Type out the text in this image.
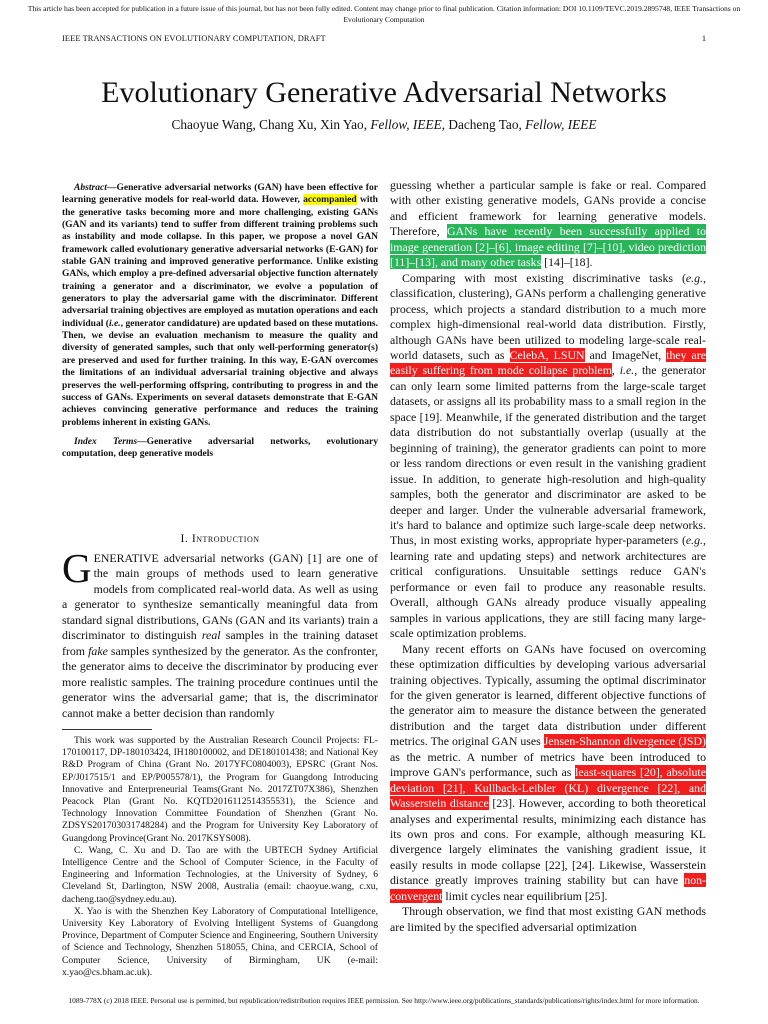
This article has been accepted for publication in a future issue of this journal, but has not been fully edited. Content may change prior to final publication. Citation information: DOI 10.1109/TEVC.2019.2895748, IEEE Transactions on Evolutionary Computation
IEEE TRANSACTIONS ON EVOLUTIONARY COMPUTATION, DRAFT	1
Evolutionary Generative Adversarial Networks
Chaoyue Wang, Chang Xu, Xin Yao, Fellow, IEEE, Dacheng Tao, Fellow, IEEE
Abstract—Generative adversarial networks (GAN) have been effective for learning generative models for real-world data. However, accompanied with the generative tasks becoming more and more challenging, existing GANs (GAN and its variants) tend to suffer from different training problems such as instability and mode collapse. In this paper, we propose a novel GAN framework called evolutionary generative adversarial networks (E-GAN) for stable GAN training and improved generative performance. Unlike existing GANs, which employ a pre-defined adversarial objective function alternately training a generator and a discriminator, we evolve a population of generators to play the adversarial game with the discriminator. Different adversarial training objectives are employed as mutation operations and each individual (i.e., generator candidature) are updated based on these mutations. Then, we devise an evaluation mechanism to measure the quality and diversity of generated samples, such that only well-performing generator(s) are preserved and used for further training. In this way, E-GAN overcomes the limitations of an individual adversarial training objective and always preserves the well-performing offspring, contributing to progress in and the success of GANs. Experiments on several datasets demonstrate that E-GAN achieves convincing generative performance and reduces the training problems inherent in existing GANs.
Index Terms—Generative adversarial networks, evolutionary computation, deep generative models
I. Introduction

GENERATIVE adversarial networks (GAN) [1] are one of the main groups of methods used to learn generative models from complicated real-world data. As well as using a generator to synthesize semantically meaningful data from standard signal distributions, GANs (GAN and its variants) train a discriminator to distinguish real samples in the training dataset from fake samples synthesized by the generator. As the confronter, the generator aims to deceive the discriminator by producing ever more realistic samples. The training procedure continues until the generator wins the adversarial game; that is, the discriminator cannot make a better decision than randomly

This work was supported by the Australian Research Council Projects: FL-170100117, DP-180103424, IH180100002, and DE180101438; and National Key R&D Program of China (Grant No. 2017YFC0804003), EPSRC (Grant Nos. EP/J017515/1 and EP/P005578/1), the Program for Guangdong Introducing Innovative and Enterpreneurial Teams(Grant No. 2017ZT07X386), Shenzhen Peacock Plan (Grant No. KQTD2016112514355531), the Science and Technology Innovation Committee Foundation of Shenzhen (Grant No. ZDSYS201703031748284) and the Program for University Key Laboratory of Guangdong Province(Grant No. 2017KSYS008).

C. Wang, C. Xu and D. Tao are with the UBTECH Sydney Artificial Intelligence Centre and the School of Computer Science, in the Faculty of Engineering and Information Technologies, at the University of Sydney, 6 Cleveland St, Darlington, NSW 2008, Australia (email: chaoyue.wang, c.xu, dacheng.tao@sydney.edu.au).

X. Yao is with the Shenzhen Key Laboratory of Computational Intelligence, University Key Laboratory of Evolving Intelligent Systems of Guangdong Province, Department of Computer Science and Engineering, Southern University of Science and Technology, Shenzhen 518055, China, and CERCIA, School of Computer Science, University of Birmingham, UK (e-mail: x.yao@cs.bham.ac.uk).

guessing whether a particular sample is fake or real. Compared with other existing generative models, GANs provide a concise and efficient framework for learning generative models. Therefore, GANs have recently been successfully applied to image generation [2]–[6], image editing [7]–[10], video prediction [11]–[13], and many other tasks [14]–[18].

Comparing with most existing discriminative tasks (e.g., classification, clustering), GANs perform a challenging generative process, which projects a standard distribution to a much more complex high-dimensional real-world data distribution. Firstly, although GANs have been utilized to modeling large-scale real-world datasets, such as CelebA, LSUN and ImageNet, they are easily suffering from mode collapse problem, i.e., the generator can only learn some limited patterns from the large-scale target datasets, or assigns all its probability mass to a small region in the space [19]. Meanwhile, if the generated distribution and the target data distribution do not substantially overlap (usually at the beginning of training), the generator gradients can point to more or less random directions or even result in the vanishing gradient issue. In addition, to generate high-resolution and high-quality samples, both the generator and discriminator are asked to be deeper and larger. Under the vulnerable adversarial framework, it's hard to balance and optimize such large-scale deep networks. Thus, in most existing works, appropriate hyper-parameters (e.g., learning rate and updating steps) and network architectures are critical configurations. Unsuitable settings reduce GAN's performance or even fail to produce any reasonable results. Overall, although GANs already produce visually appealing samples in various applications, they are still facing many large-scale optimization problems.

Many recent efforts on GANs have focused on overcoming these optimization difficulties by developing various adversarial training objectives. Typically, assuming the optimal discriminator for the given generator is learned, different objective functions of the generator aim to measure the distance between the generated distribution and the target data distribution under different metrics. The original GAN uses Jensen-Shannon divergence (JSD) as the metric. A number of metrics have been introduced to improve GAN's performance, such as least-squares [20], absolute deviation [21], Kullback-Leibler (KL) divergence [22], and Wasserstein distance [23]. However, according to both theoretical analyses and experimental results, minimizing each distance has its own pros and cons. For example, although measuring KL divergence largely eliminates the vanishing gradient issue, it easily results in mode collapse [22], [24]. Likewise, Wasserstein distance greatly improves training stability but can have non-convergent limit cycles near equilibrium [25].

Through observation, we find that most existing GAN methods are limited by the specified adversarial optimization

1089-778X (c) 2018 IEEE. Personal use is permitted, but republication/redistribution requires IEEE permission. See http://www.ieee.org/publications_standards/publications/rights/index.html for more information.
